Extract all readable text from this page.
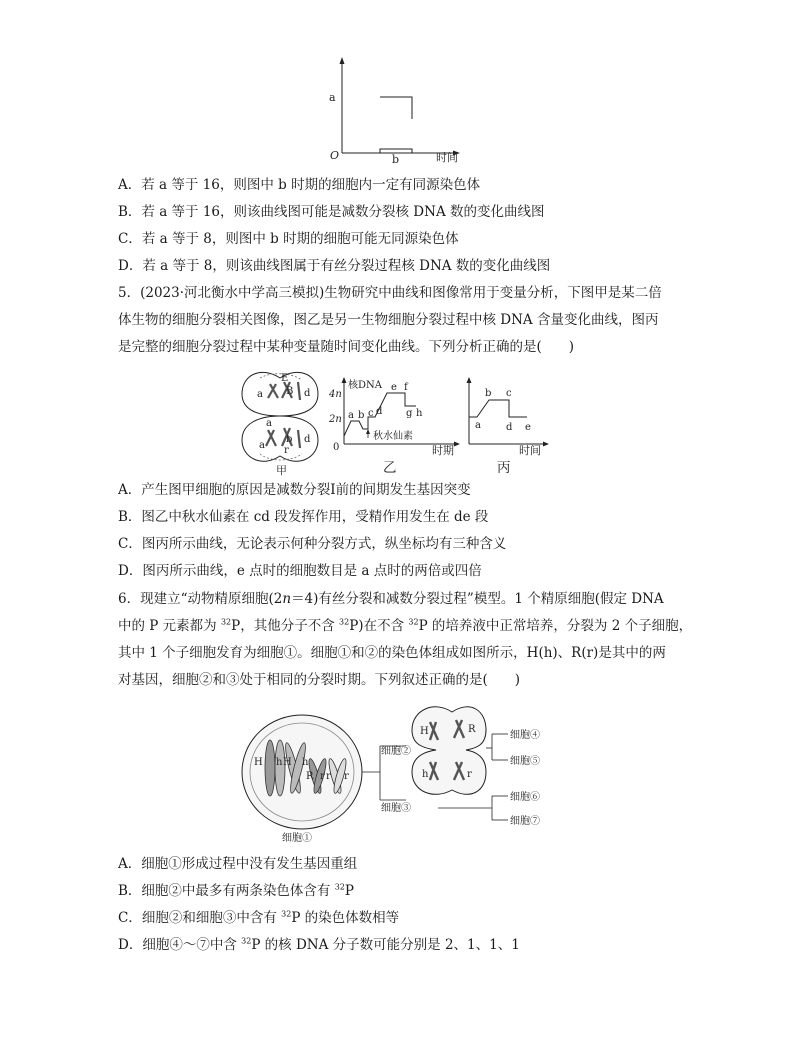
a
O	b	时间
A．若 a 等于 16，则图中 b 时期的细胞内一定有同源染色体
B．若 a 等于 16，则该曲线图可能是减数分裂核 DNA 数的变化曲线图
C．若 a 等于 8，则图中 b 时期的细胞可能无同源染色体
D．若 a 等于 8，则该曲线图属于有丝分裂过程核 DNA 数的变化曲线图
5．(2023·河北衡水中学高三模拟)生物研究中曲线和图像常用于变量分析，下图甲是某二倍
体生物的细胞分裂相关图像，图乙是另一生物细胞分裂过程中核 DNA 含量变化曲线，图丙
是完整的细胞分裂过程中某种变量随时间变化曲线。下列分析正确的是(　　)
a
a
B d
a
b d
E
r
甲
核DNA
4n
2n
0
a b c d
e f
g h
秋水仙素
时期
乙
a
b c
d e
时间
丙
A．产生图甲细胞的原因是减数分裂Ⅰ前的间期发生基因突变
B．图乙中秋水仙素在 cd 段发挥作用，受精作用发生在 de 段
C．图丙所示曲线，无论表示何种分裂方式，纵坐标均有三种含义
D．图丙所示曲线，e 点时的细胞数目是 a 点时的两倍或四倍
6．现建立“动物精原细胞(2n＝4)有丝分裂和减数分裂过程”模型。1 个精原细胞(假定 DNA
中的 P 元素都为 $^{32}$P，其他分子不含 $^{32}$P)在不含 $^{32}$P 的培养液中正常培养，分裂为 2 个子细胞，
其中 1 个子细胞发育为细胞①。细胞①和②的染色体组成如图所示，H(h)、R(r)是其中的两
对基因，细胞②和③处于相同的分裂时期。下列叙述正确的是(　　)
H h H h
R r r r
细胞①
细胞②
细胞③
H	R
h	r
细胞④
细胞⑤
细胞⑥
细胞⑦
A．细胞①形成过程中没有发生基因重组
B．细胞②中最多有两条染色体含有 $^{32}$P
C．细胞②和细胞③中含有 $^{32}$P 的染色体数相等
D．细胞④～⑦中含 $^{32}$P 的核 DNA 分子数可能分别是 2、1、1、1
